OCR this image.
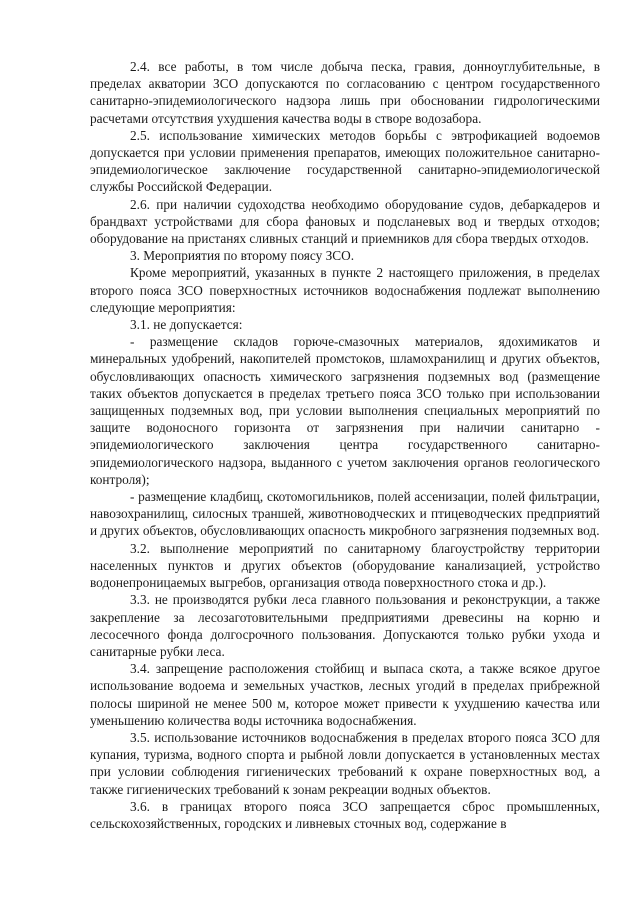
2.4. все работы, в том числе добыча песка, гравия, донноуглубительные, в пределах акватории ЗСО допускаются по согласованию с центром государственного санитарно-эпидемиологического надзора лишь при обосновании гидрологическими расчетами отсутствия ухудшения качества воды в створе водозабора.

2.5. использование химических методов борьбы с эвтрофикацией водоемов допускается при условии применения препаратов, имеющих положительное санитарно-эпидемиологическое заключение государственной санитарно-эпидемиологической службы Российской Федерации.

2.6. при наличии судоходства необходимо оборудование судов, дебаркадеров и брандвахт устройствами для сбора фановых и подсланевых вод и твердых отходов; оборудование на пристанях сливных станций и приемников для сбора твердых отходов.

3. Мероприятия по второму поясу ЗСО.

Кроме мероприятий, указанных в пункте 2 настоящего приложения, в пределах второго пояса ЗСО поверхностных источников водоснабжения подлежат выполнению следующие мероприятия:

3.1. не допускается:

- размещение складов горюче-смазочных материалов, ядохимикатов и минеральных удобрений, накопителей промстоков, шламохранилищ и других объектов, обусловливающих опасность химического загрязнения подземных вод (размещение таких объектов допускается в пределах третьего пояса ЗСО только при использовании защищенных подземных вод, при условии выполнения специальных мероприятий по защите водоносного горизонта от загрязнения при наличии санитарно - эпидемиологического заключения центра государственного санитарно-эпидемиологического надзора, выданного с учетом заключения органов геологического контроля);

- размещение кладбищ, скотомогильников, полей ассенизации, полей фильтрации, навозохранилищ, силосных траншей, животноводческих и птицеводческих предприятий и других объектов, обусловливающих опасность микробного загрязнения подземных вод.

3.2. выполнение мероприятий по санитарному благоустройству территории населенных пунктов и других объектов (оборудование канализацией, устройство водонепроницаемых выгребов, организация отвода поверхностного стока и др.).

3.3. не производятся рубки леса главного пользования и реконструкции, а также закрепление за лесозаготовительными предприятиями древесины на корню и лесосечного фонда долгосрочного пользования. Допускаются только рубки ухода и санитарные рубки леса.

3.4. запрещение расположения стойбищ и выпаса скота, а также всякое другое использование водоема и земельных участков, лесных угодий в пределах прибрежной полосы шириной не менее 500 м, которое может привести к ухудшению качества или уменьшению количества воды источника водоснабжения.

3.5. использование источников водоснабжения в пределах второго пояса ЗСО для купания, туризма, водного спорта и рыбной ловли допускается в установленных местах при условии соблюдения гигиенических требований к охране поверхностных вод, а также гигиенических требований к зонам рекреации водных объектов.

3.6. в границах второго пояса ЗСО запрещается сброс промышленных, сельскохозяйственных, городских и ливневых сточных вод, содержание в
